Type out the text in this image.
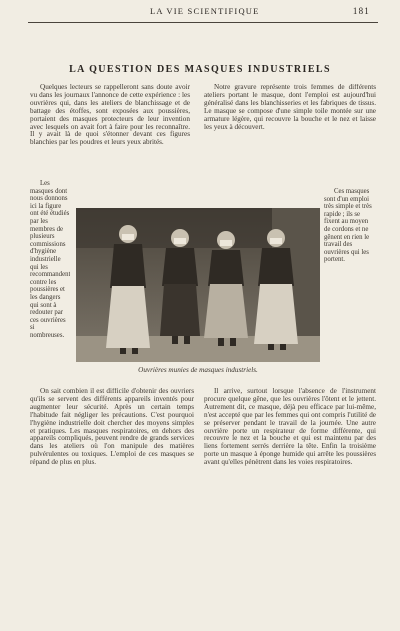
LA VIE SCIENTIFIQUE	181
LA QUESTION DES MASQUES INDUSTRIELS

Quelques lecteurs se rappelleront sans doute avoir vu dans les journaux l'annonce de cette expérience : les ouvrières qui, dans les ateliers de blanchissage et de battage des étoffes, sont exposées aux poussières, portaient des masques protecteurs de leur invention avec lesquels on avait fort à faire pour les reconnaître. Il y avait là de quoi s'étonner devant ces figures blanchies par les poudres et leurs yeux abrités.

Notre gravure représente trois femmes de différents ateliers portant le masque, dont l'emploi est aujourd'hui généralisé dans les blanchisseries et les fabriques de tissus. Le masque se compose d'une simple toile montée sur une armature légère, qui recouvre la bouche et le nez et laisse les yeux à découvert.

Les masques dont nous donnons ici la figure ont été étudiés par les membres de plusieurs commissions d'hygiène industrielle qui les recommandent contre les poussières et les dangers qui sont à redouter par ces ouvrières si nombreuses.

Ces masques sont d'un emploi très simple et très rapide ; ils se fixent au moyen de cordons et ne gênent en rien le travail des ouvrières qui les portent.

Ouvrières munies de masques industriels.

On sait combien il est difficile d'obtenir des ouvriers qu'ils se servent des différents appareils inventés pour augmenter leur sécurité. Après un certain temps l'habitude fait négliger les précautions. C'est pourquoi l'hygiène industrielle doit chercher des moyens simples et pratiques. Les masques respiratoires, en dehors des appareils compliqués, peuvent rendre de grands services dans les ateliers où l'on manipule des matières pulvérulentes ou toxiques. L'emploi de ces masques se répand de plus en plus.

Il arrive, surtout lorsque l'absence de l'instrument procure quelque gêne, que les ouvrières l'ôtent et le jettent. Autrement dit, ce masque, déjà peu efficace par lui-même, n'est accepté que par les femmes qui ont compris l'utilité de se préserver pendant le travail de la journée. Une autre ouvrière porte un respirateur de forme différente, qui recouvre le nez et la bouche et qui est maintenu par des liens fortement serrés derrière la tête. Enfin la troisième porte un masque à éponge humide qui arrête les poussières avant qu'elles pénètrent dans les voies respiratoires.
